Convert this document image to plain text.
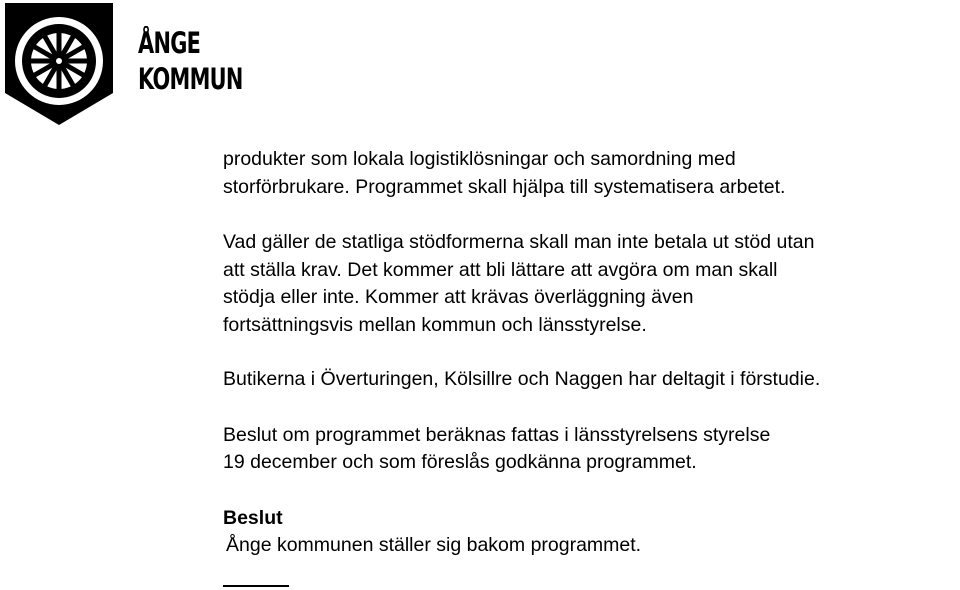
ÅNGE
KOMMUN

produkter som lokala logistiklösningar och samordning med
storförbrukare. Programmet skall hjälpa till systematisera arbetet.

Vad gäller de statliga stödformerna skall man inte betala ut stöd utan
att ställa krav. Det kommer att bli lättare att avgöra om man skall
stödja eller inte. Kommer att krävas överläggning även
fortsättningsvis mellan kommun och länsstyrelse.

Butikerna i Överturingen, Kölsillre och Naggen har deltagit i förstudie.

Beslut om programmet beräknas fattas i länsstyrelsens styrelse
19 december och som föreslås godkänna programmet.

Beslut

Ånge kommunen ställer sig bakom programmet.
